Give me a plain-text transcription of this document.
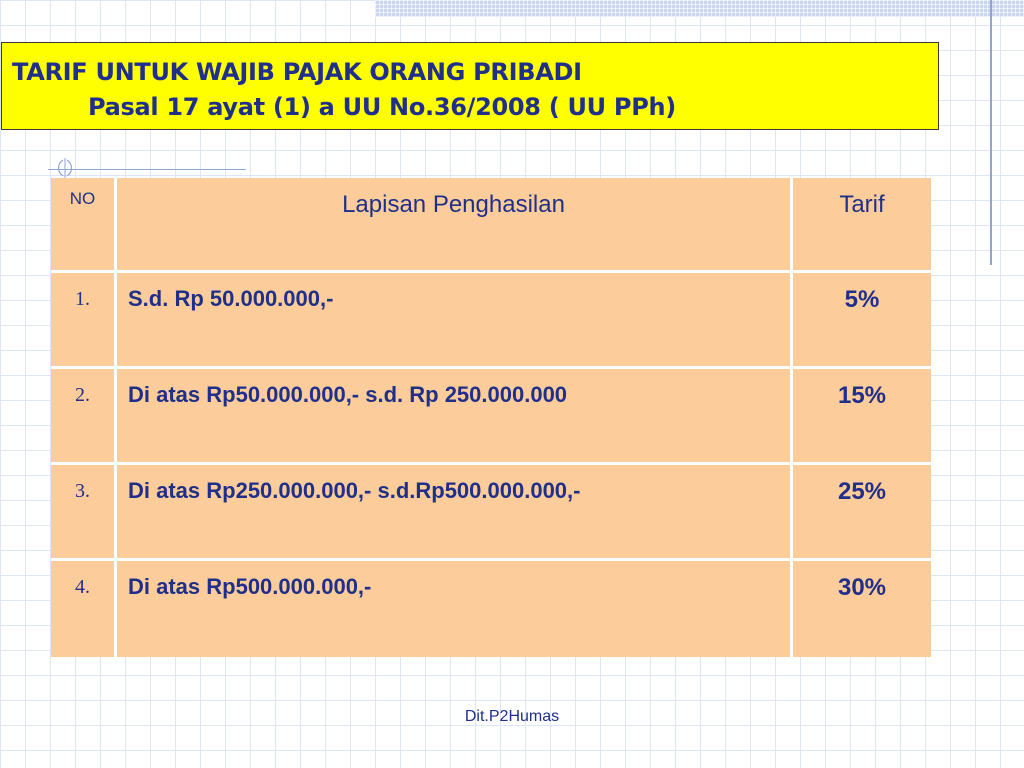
TARIF UNTUK WAJIB PAJAK ORANG PRIBADI
Pasal 17 ayat (1) a UU No.36/2008 ( UU PPh)
NO	Lapisan Penghasilan	Tarif

1.	S.d. Rp 50.000.000,-	5%

2.	Di atas Rp50.000.000,- s.d. Rp 250.000.000	15%

3.	Di atas Rp250.000.000,- s.d.Rp500.000.000,-	25%

4.	Di atas Rp500.000.000,-	30%
Dit.P2Humas
